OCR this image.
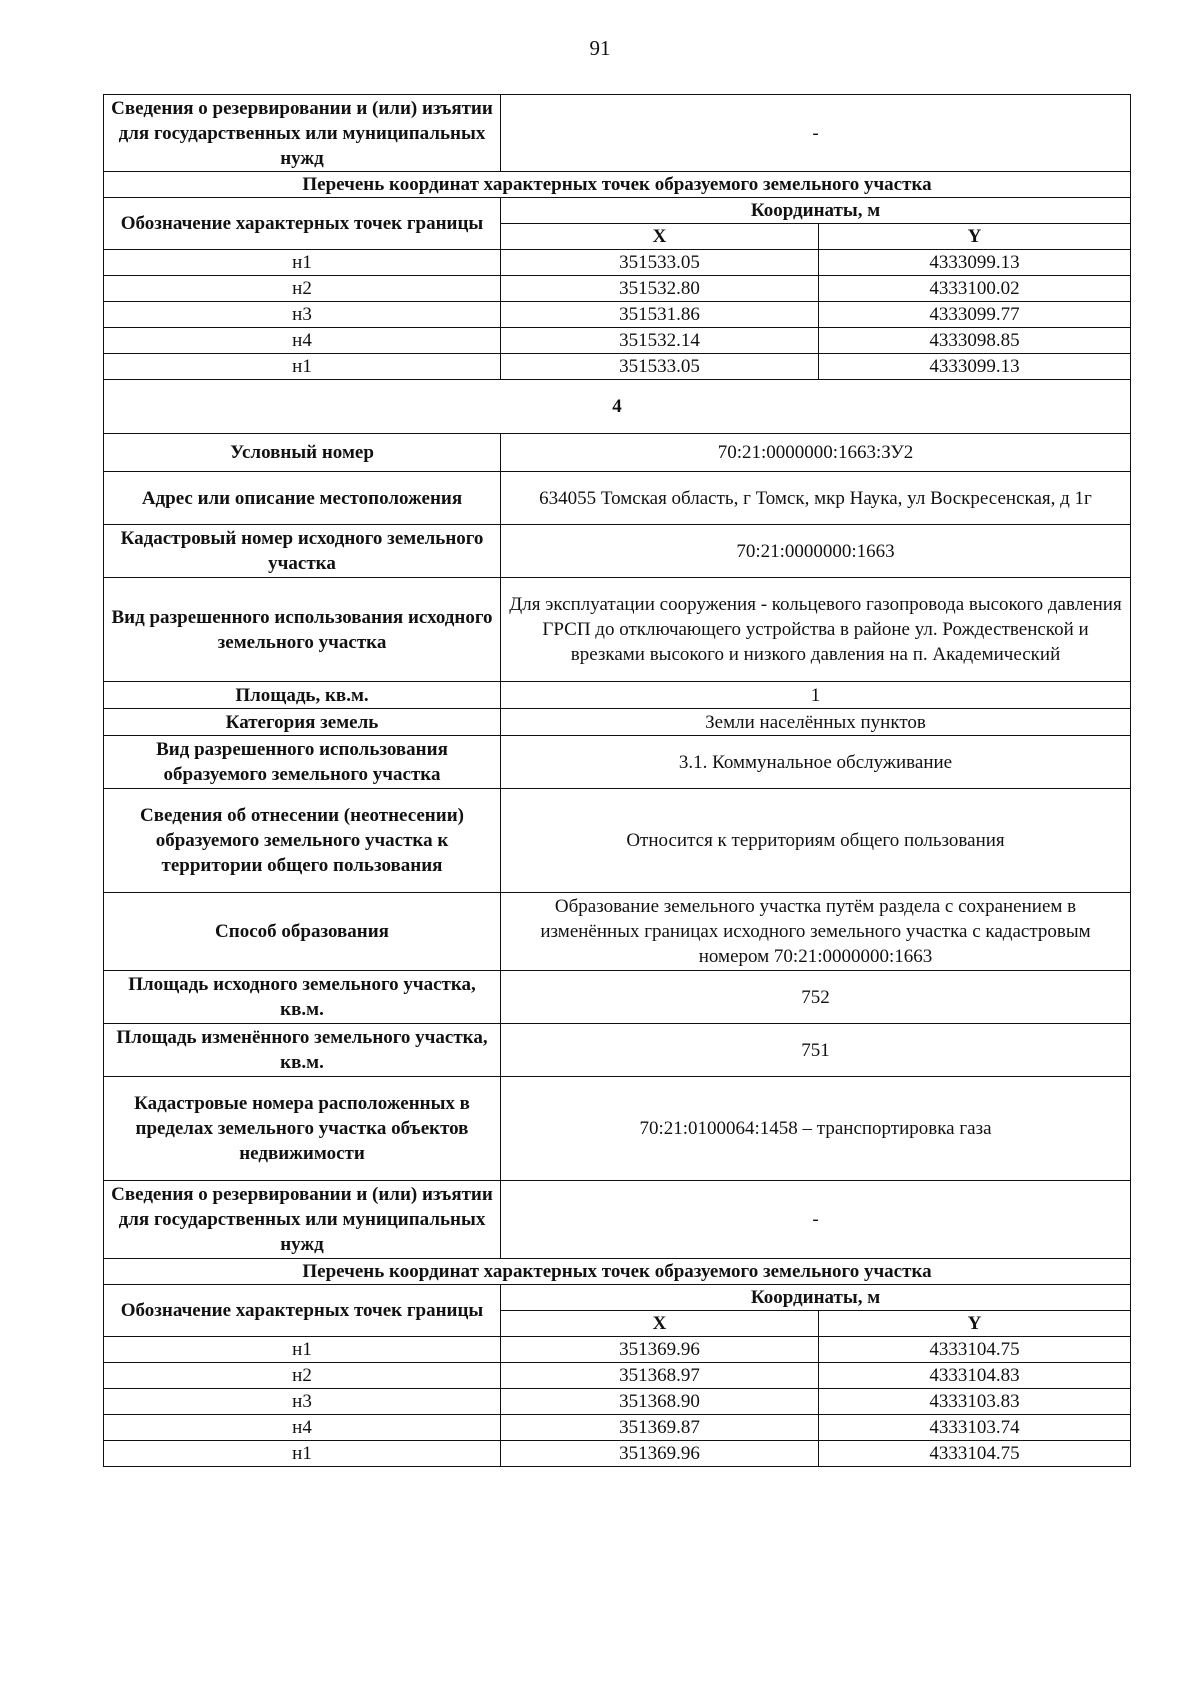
91
Сведения о резервировании и (или) изъятии для государственных или муниципальных нужд	-	
Перечень координат характерных точек образуемого земельного участка		
Обозначение характерных точек границы	Координаты, м	
	X	Y
н1	351533.05	4333099.13
н2	351532.80	4333100.02
н3	351531.86	4333099.77
н4	351532.14	4333098.85
н1	351533.05	4333099.13
4		
Условный номер	70:21:0000000:1663:ЗУ2	
Адрес или описание местоположения	634055 Томская область, г Томск, мкр Наука, ул Воскресенская, д 1г	
Кадастровый номер исходного земельного участка	70:21:0000000:1663	
Вид разрешенного использования исходного земельного участка	Для эксплуатации сооружения - кольцевого газопровода высокого давления ГРСП до отключающего устройства в районе ул. Рождественской и врезками высокого и низкого давления на п. Академический	
Площадь, кв.м.	1	
Категория земель	Земли населённых пунктов	
Вид разрешенного использования образуемого земельного участка	3.1. Коммунальное обслуживание	
Сведения об отнесении (неотнесении) образуемого земельного участка к территории общего пользования	Относится к территориям общего пользования	
Способ образования	Образование земельного участка путём раздела с сохранением в изменённых границах исходного земельного участка с кадастровым номером 70:21:0000000:1663	
Площадь исходного земельного участка, кв.м.	752	
Площадь изменённого земельного участка, кв.м.	751	
Кадастровые номера расположенных в пределах земельного участка объектов недвижимости	70:21:0100064:1458 – транспортировка газа	
Сведения о резервировании и (или) изъятии для государственных или муниципальных нужд	-	
Перечень координат характерных точек образуемого земельного участка		
Обозначение характерных точек границы	Координаты, м	
	X	Y
н1	351369.96	4333104.75
н2	351368.97	4333104.83
н3	351368.90	4333103.83
н4	351369.87	4333103.74
н1	351369.96	4333104.75
